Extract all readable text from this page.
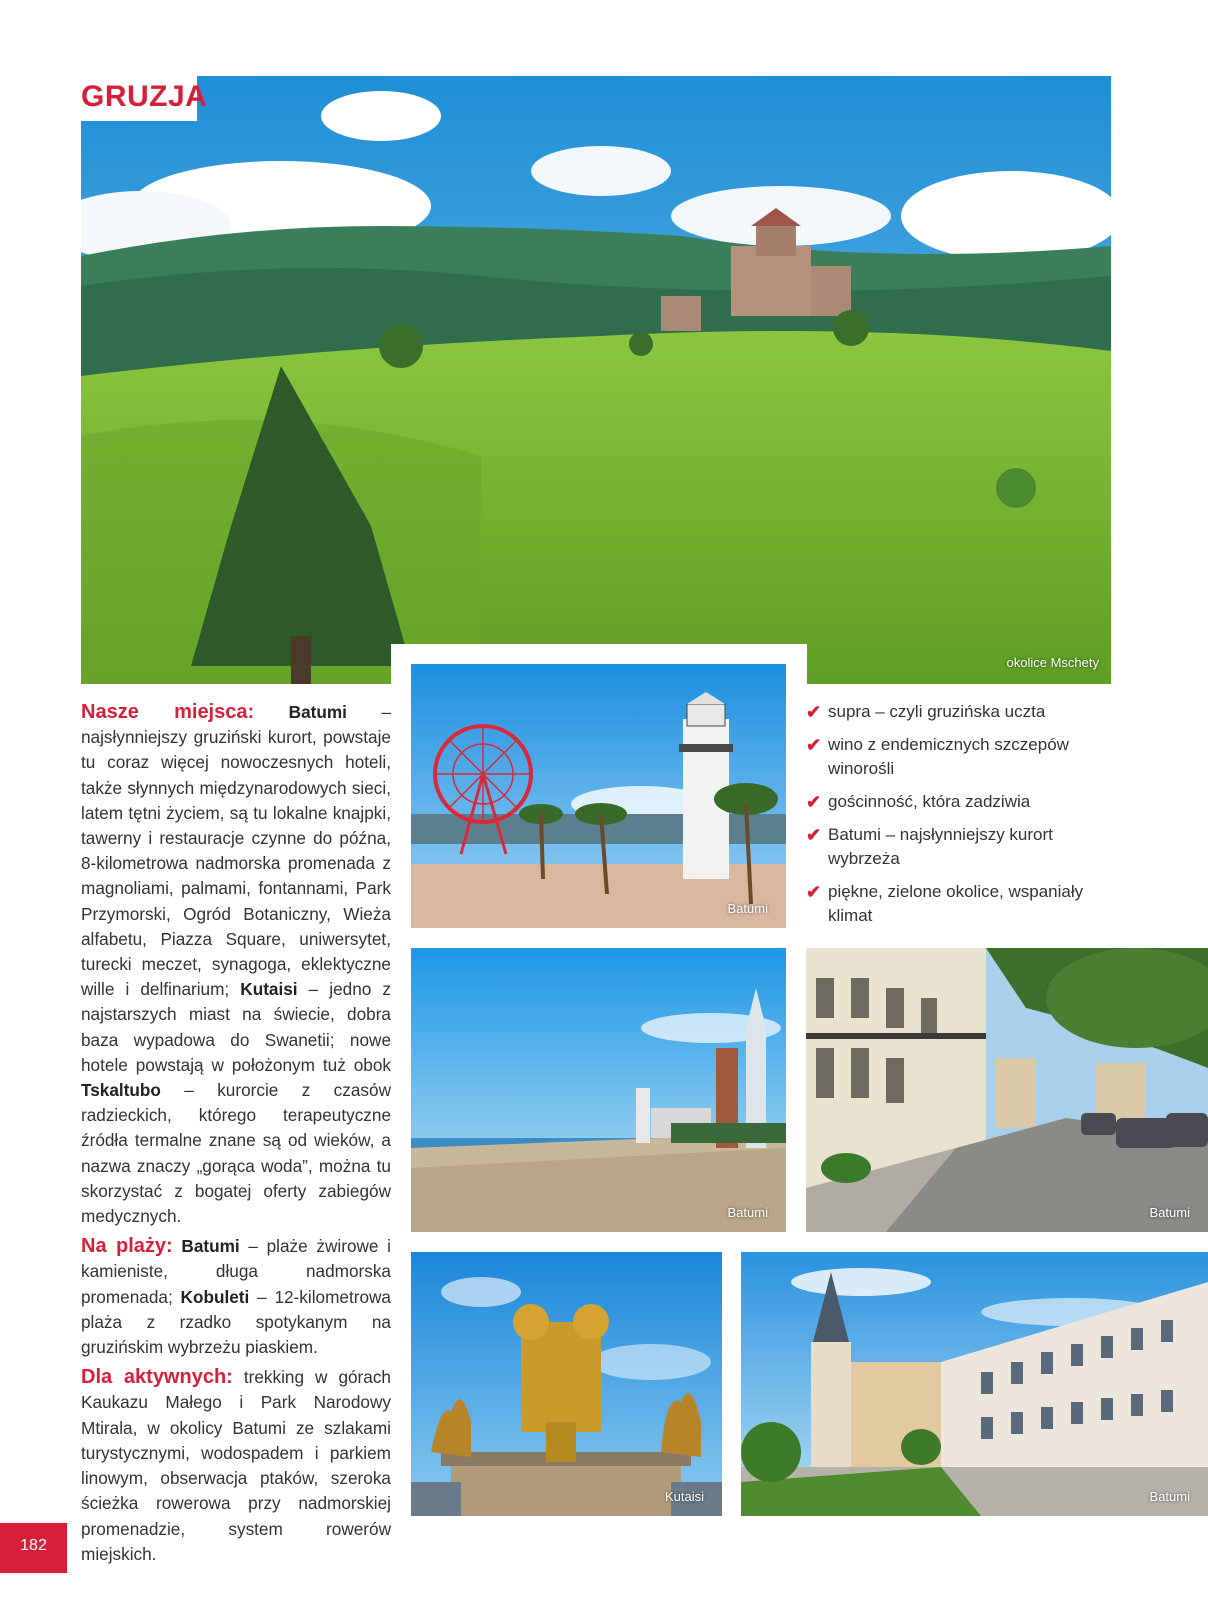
okolice Mschety
GRUZJA

Nasze miejsca: Batumi – najsłynniejszy gruziński kurort, powstaje tu coraz więcej nowoczesnych hoteli, także słynnych międzynarodowych sieci, latem tętni życiem, są tu lokalne knajpki, tawerny i restauracje czynne do późna, 8-kilometrowa nadmorska promenada z magnoliami, palmami, fontannami, Park Przymorski, Ogród Botaniczny, Wieża alfabetu, Piazza Square, uniwersytet, turecki meczet, synagoga, eklektyczne wille i delfinarium; Kutaisi – jedno z najstarszych miast na świecie, dobra baza wypadowa do Swanetii; nowe hotele powstają w położonym tuż obok Tskaltubo – kurorcie z czasów radzieckich, którego terapeutyczne źródła termalne znane są od wieków, a nazwa znaczy „gorąca woda”, można tu skorzystać z bogatej oferty zabiegów medycznych.

Na plaży: Batumi – plaże żwirowe i kamieniste, długa nadmorska promenada; Kobuleti – 12-kilometrowa plaża z rzadko spotykanym na gruzińskim wybrzeżu piaskiem.

Dla aktywnych: trekking w górach Kaukazu Małego i Park Narodowy Mtirala, w okolicy Batumi ze szlakami turystycznymi, wodospadem i parkiem linowym, obserwacja ptaków, szeroka ścieżka rowerowa przy nadmorskiej promenadzie, system rowerów miejskich.

✔ supra – czyli gruzińska uczta
✔ wino z endemicznych szczepów winorośli
✔ gościnność, która zadziwia
✔ Batumi – najsłynniejszy kurort wybrzeża
✔ piękne, zielone okolice, wspaniały klimat
Batumi
Batumi	Batumi
Kutaisi	Batumi
182
